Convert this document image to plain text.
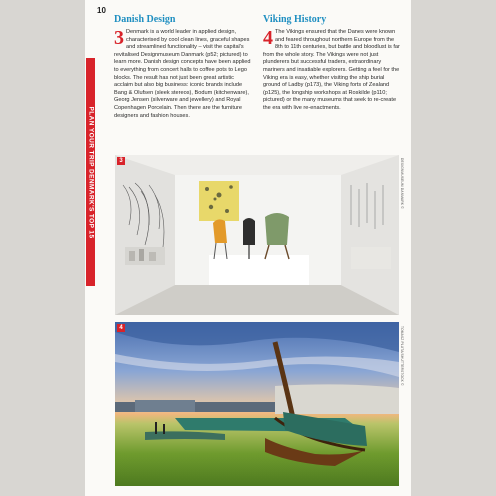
10
PLAN YOUR TRIP DENMARK'S TOP 15
Danish Design

3 Denmark is a world leader in applied design, characterised by cool clean lines, graceful shapes and streamlined functionality – visit the capital's revitalised Designmuseum Danmark (p52; pictured) to learn more. Danish design concepts have been applied to everything from concert halls to coffee pots to Lego blocks. The result has not just been great artistic acclaim but also big business: iconic brands include Bang & Olufsen (sleek stereos), Bodum (kitchenware), Georg Jensen (silverware and jewellery) and Royal Copenhagen Porcelain. Then there are the furniture designers and fashion houses.

Viking History

4 The Vikings ensured that the Danes were known and feared throughout northern Europe from the 8th to 11th centuries, but battle and bloodlust is far from the whole story. The Vikings were not just plunderers but successful traders, extraordinary mariners and insatiable explorers. Getting a feel for the Viking era is easy, whether visiting the ship burial ground of Ladby (p173), the Viking forts of Zealand (p125), the longship workshops at Roskilde (p110; pictured) or the many museums that seek to re-create the era with live re-enactments.

3	DESIGNMUSEUM DANMARK ©
4	TOMASZ PLUTA/SHUTTERSTOCK ©
